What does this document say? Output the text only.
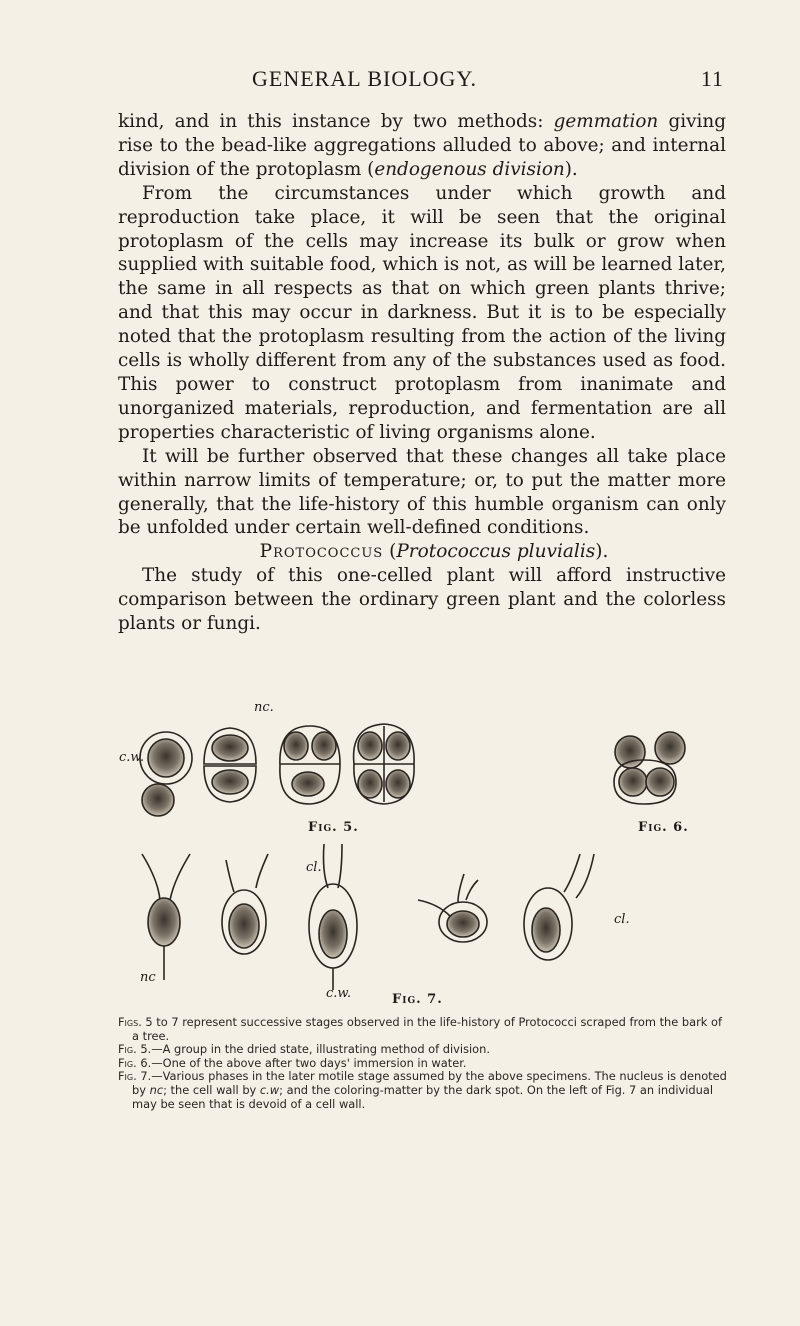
GENERAL BIOLOGY.	11

kind, and in this instance by two methods: gemmation giving rise to the bead-like aggregations alluded to above; and internal division of the protoplasm (endogenous division).

From the circumstances under which growth and reproduction take place, it will be seen that the original protoplasm of the cells may increase its bulk or grow when supplied with suitable food, which is not, as will be learned later, the same in all respects as that on which green plants thrive; and that this may occur in darkness. But it is to be especially noted that the protoplasm resulting from the action of the living cells is wholly different from any of the substances used as food. This power to construct protoplasm from inanimate and unorganized materials, reproduction, and fermentation are all properties characteristic of living organisms alone.

It will be further observed that these changes all take place within narrow limits of temperature; or, to put the matter more generally, that the life-history of this humble organism can only be unfolded under certain well-defined conditions.

Protococcus (Protococcus pluvialis).

The study of this one-celled plant will afford instructive comparison between the ordinary green plant and the colorless plants or fungi.

nc.
c.w.
Fig. 5.	Fig. 6.
cl.
cl.
nc
c.w.	Fig. 7.

Figs. 5 to 7 represent successive stages observed in the life-history of Protococci scraped from the bark of a tree.

Fig. 5.—A group in the dried state, illustrating method of division.

Fig. 6.—One of the above after two days' immersion in water.

Fig. 7.—Various phases in the later motile stage assumed by the above specimens. The nucleus is denoted by nc; the cell wall by c.w; and the coloring-matter by the dark spot. On the left of Fig. 7 an individual may be seen that is devoid of a cell wall.
